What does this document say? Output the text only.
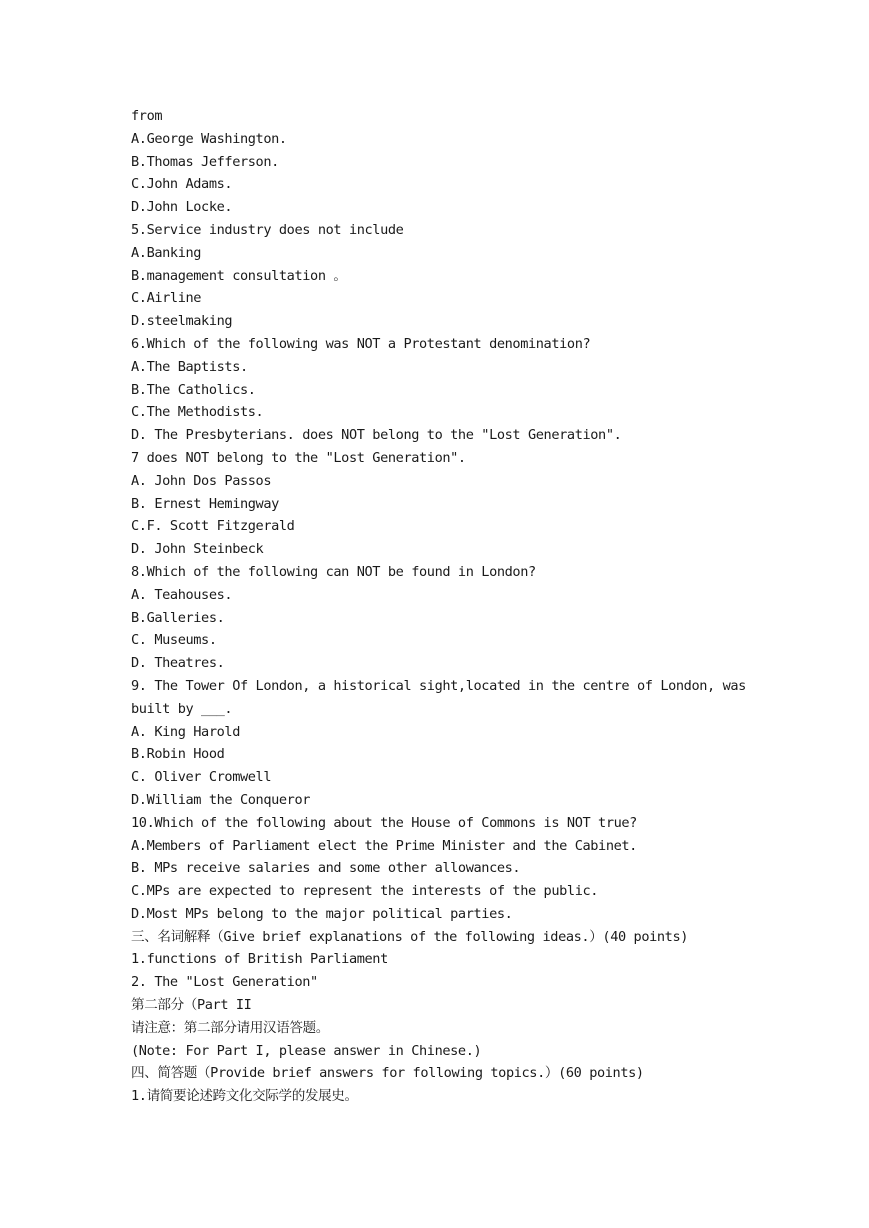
from
A.George Washington.
B.Thomas Jefferson.
C.John Adams.
D.John Locke.
5.Service industry does not include
A.Banking
B.management consultation 。
C.Airline
D.steelmaking
6.Which of the following was NOT a Protestant denomination?
A.The Baptists.
B.The Catholics.
C.The Methodists.
D. The Presbyterians. does NOT belong to the "Lost Generation".
7 does NOT belong to the "Lost Generation".
A. John Dos Passos
B. Ernest Hemingway
C.F. Scott Fitzgerald
D. John Steinbeck
8.Which of the following can NOT be found in London?
A. Teahouses.
B.Galleries.
C. Museums.
D. Theatres.
9. The Tower Of London, a historical sight,located in the centre of London, was
built by ___.
A. King Harold
B.Robin Hood
C. Oliver Cromwell
D.William the Conqueror
10.Which of the following about the House of Commons is NOT true?
A.Members of Parliament elect the Prime Minister and the Cabinet.
B. MPs receive salaries and some other allowances.
C.MPs are expected to represent the interests of the public.
D.Most MPs belong to the major political parties.
三、名词解释（Give brief explanations of the following ideas.）(40 points)
1.functions of British Parliament
2. The "Lost Generation"
第二部分（Part II
请注意：第二部分请用汉语答题。
(Note: For Part I, please answer in Chinese.)
四、简答题（Provide brief answers for following topics.）(60 points)
1.请简要论述跨文化交际学的发展史。
